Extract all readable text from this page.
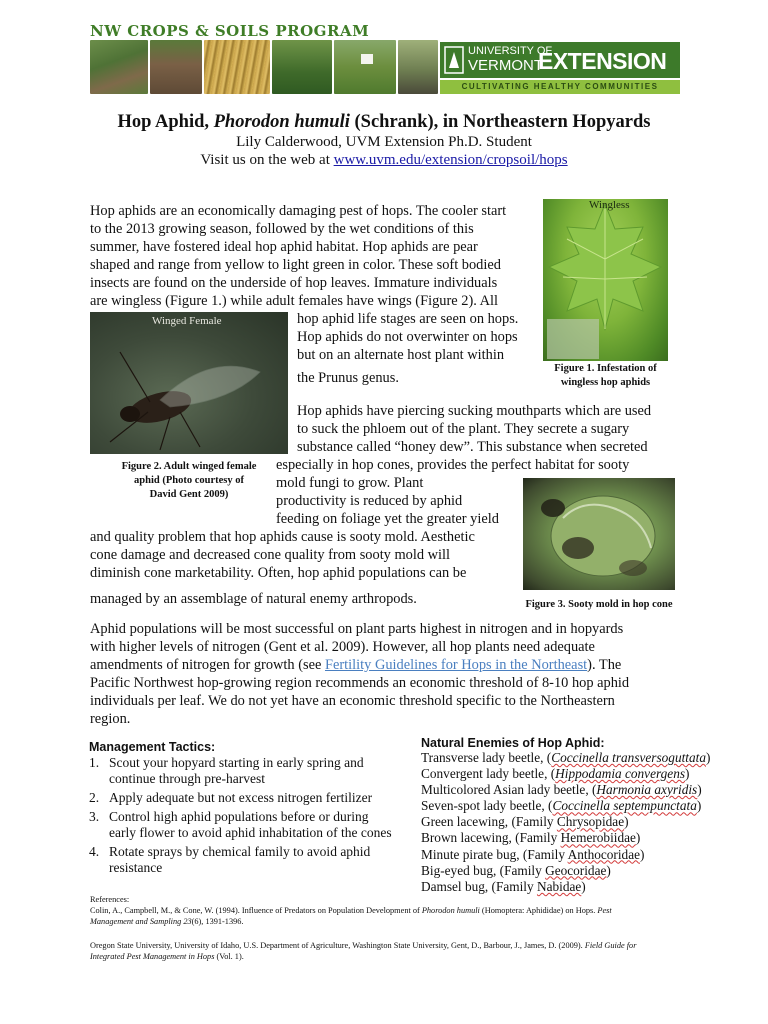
NW CROPS & SOILS PROGRAM
UNIVERSITY OF
VERMONT
EXTENSION
CULTIVATING HEALTHY COMMUNITIES
Hop Aphid, Phorodon humuli (Schrank), in Northeastern Hopyards
Lily Calderwood, UVM Extension Ph.D. Student
Visit us on the web at www.uvm.edu/extension/cropsoil/hops
Hop aphids are an economically damaging pest of hops. The cooler start
to the 2013 growing season, followed by the wet conditions of this
summer, have fostered ideal hop aphid habitat. Hop aphids are pear
shaped and range from yellow to light green in color. These soft bodied
insects are found on the underside of hop leaves. Immature individuals
are wingless (Figure 1.) while adult females have wings (Figure 2). All
hop aphid life stages are seen on hops.
Hop aphids do not overwinter on hops
but on an alternate host plant within
the Prunus genus.
Wingless
Figure 1. Infestation of
wingless hop aphids
Winged Female
Figure 2. Adult winged female
aphid (Photo courtesy of
David Gent 2009)
Hop aphids have piercing sucking mouthparts which are used
to suck the phloem out of the plant. They secrete a sugary
substance called “honey dew”. This substance when secreted
especially in hop cones, provides the perfect habitat for sooty
mold fungi to grow. Plant
productivity is reduced by aphid
feeding on foliage yet the greater yield
and quality problem that hop aphids cause is sooty mold. Aesthetic
cone damage and decreased cone quality from sooty mold will
diminish cone marketability. Often, hop aphid populations can be
managed by an assemblage of natural enemy arthropods.	Figure 3. Sooty mold in hop cone
Aphid populations will be most successful on plant parts highest in nitrogen and in hopyards
with higher levels of nitrogen (Gent et al. 2009). However, all hop plants need adequate
amendments of nitrogen for growth (see Fertility Guidelines for Hops in the Northeast). The
Pacific Northwest hop-growing region recommends an economic threshold of 8-10 hop aphid
individuals per leaf. We do not yet have an economic threshold specific to the Northeastern
region.
Management Tactics:
1. Scout your hopyard starting in early spring and
continue through pre-harvest
2. Apply adequate but not excess nitrogen fertilizer
3. Control high aphid populations before or during
early flower to avoid aphid inhabitation of the cones
4. Rotate sprays by chemical family to avoid aphid
resistance
Natural Enemies of Hop Aphid:
Transverse lady beetle, (Coccinella transversoguttata)
Convergent lady beetle, (Hippodamia convergens)
Multicolored Asian lady beetle, (Harmonia axyridis)
Seven-spot lady beetle, (Coccinella septempunctata)
Green lacewing, (Family Chrysopidae)
Brown lacewing, (Family Hemerobiidae)
Minute pirate bug, (Family Anthocoridae)
Big-eyed bug, (Family Geocoridae)
Damsel bug, (Family Nabidae)
References:
Colin, A., Campbell, M., & Cone, W. (1994). Influence of Predators on Population Development of Phorodon humuli (Homoptera: Aphididae) on Hops. Pest
Management and Sampling 23(6), 1391-1396.
Oregon State University, University of Idaho, U.S. Department of Agriculture, Washington State University, Gent, D., Barbour, J., James, D. (2009). Field Guide for
Integrated Pest Management in Hops (Vol. 1).
